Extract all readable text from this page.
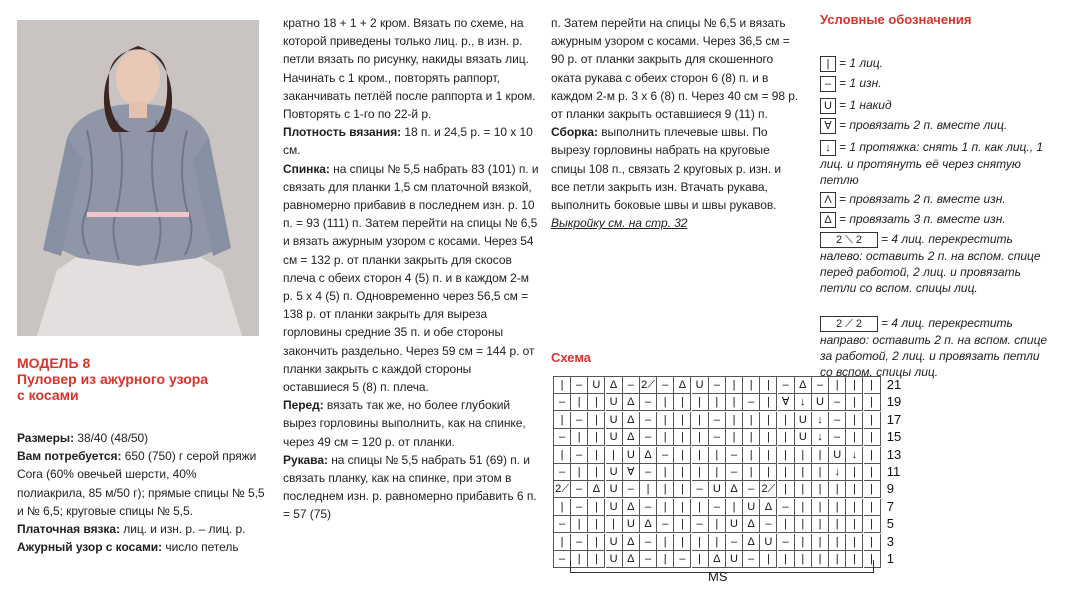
МОДЕЛЬ 8
Пуловер из ажурного узора
с косами

Размеры: 38/40 (48/50)

Вам потребуется: 650 (750) г серой пряжи Cora (60% овечьей шерсти, 40% полиакрила, 85 м/50 г); прямые спицы № 5,5 и № 6,5; круговые спицы № 5,5.

Платочная вязка: лиц. и изн. р. – лиц. р.

Ажурный узор с косами: число петель

кратно 18 + 1 + 2 кром. Вязать по схеме, на которой приведены только лиц. р., в изн. р. петли вязать по рисунку, накиды вязать лиц. Начинать с 1 кром., повторять раппорт, заканчивать петлёй после раппорта и 1 кром. Повторять с 1-го по 22-й р.

Плотность вязания: 18 п. и 24,5 р. = 10 х 10 см.

Спинка: на спицы № 5,5 набрать 83 (101) п. и связать для планки 1,5 см платочной вязкой, равномерно прибавив в последнем изн. р. 10 п. = 93 (111) п. Затем перейти на спицы № 6,5 и вязать ажурным узором с косами. Через 54 см = 132 р. от планки закрыть для скосов плеча с обеих сторон 4 (5) п. и в каждом 2-м р. 5 х 4 (5) п. Одновременно через 56,5 см = 138 р. от планки закрыть для выреза горловины средние 35 п. и обе стороны закончить раздельно. Через 59 см = 144 р. от планки закрыть с каждой стороны оставшиеся 5 (8) п. плеча.

Перед: вязать так же, но более глубокий вырез горловины выполнить, как на спинке, через 49 см = 120 р. от планки.

Рукава: на спицы № 5,5 набрать 51 (69) п. и связать планку, как на спинке, при этом в последнем изн. р. равномерно прибавить 6 п. = 57 (75)

п. Затем перейти на спицы № 6,5 и вязать ажурным узором с косами. Через 36,5 см = 90 р. от планки закрыть для скошенного оката рукава с обеих сторон 6 (8) п. и в каждом 2-м р. 3 х 6 (8) п. Через 40 см = 98 р. от планки закрыть оставшиеся 9 (11) п.

Сборка: выполнить плечевые швы. По вырезу горловины набрать на круговые спицы 108 п., связать 2 круговых р. изн. и все петли закрыть изн. Втачать рукава, выполнить боковые швы и швы рукавов.

Выкройку см. на стр. 32

Условные обозначения
| = 1 лиц.
– = 1 изн.
U = 1 накид
∀ = провязать 2 п. вместе лиц.
↓ = 1 протяжка: снять 1 п. как лиц., 1 лиц. и протянуть её через снятую петлю
Λ = провязать 2 п. вместе изн.
Δ = провязать 3 п. вместе изн.
2 ⟍ 2 = 4 лиц. перекрестить налево: оставить 2 п. на вспом. спице перед работой, 2 лиц. и провязать петли со вспом. спицы лиц.
2 ⟋ 2 = 4 лиц. перекрестить направо: оставить 2 п. на вспом. спице за работой, 2 лиц. и провязать петли со вспом. спицы лиц.
Схема
|	– U Δ – 2⟋ – Δ U –	|	|	|	– Δ –	|	|	|	21
–	|	|	U Δ –	|	|	|	|	|	–	|	∀ ↓ U –	|	|	19
|	–	|	U Δ –	|	|	|	–	|	|	|	|	U ↓	–	|	|	17
–	|	|	U Δ –	|	|	|	–	|	|	|	|	U ↓	–	|	|	15
|	–	|	|	U Δ –	|	|	|	–	|	|	|	|	|	U ↓	|	13
–	|	|	U ∀ –	|	|	|	|	–	|	|	|	|	|	↓	|	|	11
2⟋ – Δ U –	|	|	|	– U Δ – 2⟋ |	|	|	|	|	|	9
|	–	|	U Δ –	|	|	|	–	|	U Δ –	|	|	|	|	|	7
–	|	|	|	U Δ –	|	–	|	U Δ –	|	|	|	|	|	|	5
|	–	|	U Δ –	|	|	|	|	– Δ U –	|	|	|	|	|	3
–	|	|	U Δ –	|	–	|	Δ U –	|	|	|	|	|	|	|	1
MS
